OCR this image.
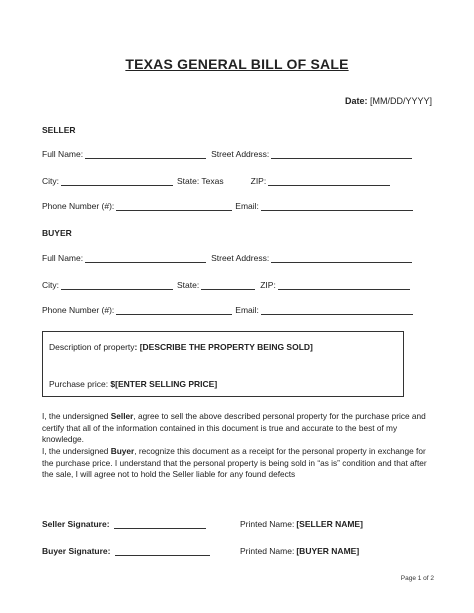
TEXAS GENERAL BILL OF SALE
Date: [MM/DD/YYYY]
SELLER
Full Name:	Street Address:
City:	State: Texas	ZIP:
Phone Number (#):	Email:
BUYER
Full Name:	Street Address:
City:	State:	ZIP:
Phone Number (#):	Email:
Description of property: [DESCRIBE THE PROPERTY BEING SOLD]
Purchase price: $[ENTER SELLING PRICE]
I, the undersigned Seller, agree to sell the above described personal property for the purchase price and certify that all of the information contained in this document is true and accurate to the best of my knowledge.
I, the undersigned Buyer, recognize this document as a receipt for the personal property in exchange for the purchase price. I understand that the personal property is being sold in “as is” condition and that after the sale, I will agree not to hold the Seller liable for any found defects
Seller Signature:	Printed Name: [SELLER NAME]
Buyer Signature:	Printed Name: [BUYER NAME]
Page 1 of 2
